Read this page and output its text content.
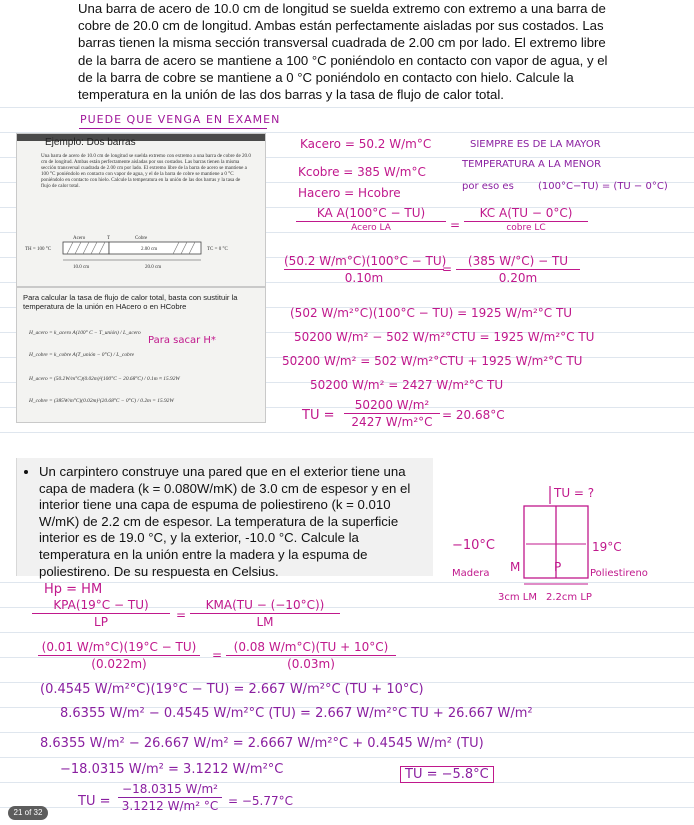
Una barra de acero de 10.0 cm de longitud se suelda extremo con extremo a una barra de cobre de 20.0 cm de longitud. Ambas están perfectamente aisladas por sus costados. Las barras tienen la misma sección transversal cuadrada de 2.00 cm por lado. El extremo libre de la barra de acero se mantiene a 100 °C poniéndolo en contacto con vapor de agua, y el de la barra de cobre se mantiene a 0 °C poniéndolo en contacto con hielo. Calcule la temperatura en la unión de las dos barras y la tasa de flujo de calor total.
PUEDE QUE VENGA EN EXAMEN
Ejemplo: Dos barras
Una barra de acero de 10.0 cm de longitud se suelda extremo con extremo a una barra de cobre de 20.0 cm de longitud. Ambas están perfectamente aisladas por sus costados. Las barras tienen la misma sección transversal cuadrada de 2.00 cm por lado. El extremo libre de la barra de acero se mantiene a 100 °C poniéndolo en contacto con vapor de agua, y el de la barra de cobre se mantiene a 0 °C poniéndolo en contacto con hielo. Calcule la temperatura en la unión de las dos barras y la tasa de flujo de calor total.
TH = 100 °C	TC = 0 °C
Acero	T	Cobre
2.00 cm
10.0 cm	20.0 cm
Para calcular la tasa de flujo de calor total, basta con sustituir la temperatura de la unión en HAcero o en HCobre
H_acero = k_acero A(100° C − T_unión) / L_acero
H_cobre = k_cobre A(T_unión − 0°C) / L_cobre
H_acero = (50.2W/m°C)(0.02m)²(100°C − 20.68°C) / 0.1m ≈ 15.92W
H_cobre = (385W/m°C)(0.02m)²(20.68°C − 0°C) / 0.2m = 15.92W
Para sacar H*
Kacero = 50.2 W/m°C
Kcobre = 385 W/m°C
Hacero = Hcobre
SIEMPRE ES DE LA MAYOR
TEMPERATURA A LA MENOR
por eso es (100°C−TU) = (TU − 0°C)
KA A(100°C − TU)
Acero LA	=
KC A(TU − 0°C)
cobre LC
(50.2 W/m°C)(100°C − TU)
0.10m
=
(385 W/°C) − TU
0.20m
(502 W/m²°C)(100°C − TU) = 1925 W/m²°C TU
50200 W/m² − 502 W/m²°CTU = 1925 W/m²°C TU
50200 W/m² = 502 W/m²°CTU + 1925 W/m²°C TU
50200 W/m² = 2427 W/m²°C TU
TU =
50200 W/m²
2427 W/m²°C = 20.68°C
• Un carpintero construye una pared que en el exterior tiene una capa de madera (k = 0.080W/mK) de 3.0 cm de espesor y en el interior tiene una capa de espuma de poliestireno (k = 0.010 W/mK) de 2.2 cm de espesor. La temperatura de la superficie interior es de 19.0 °C, y la exterior, -10.0 °C. Calcule la temperatura en la unión entre la madera y la espuma de poliestireno. De su respuesta en Celsius.
TU = ?
−10°C	19°C
M	P
Madera	Poliestireno
3cm LM 2.2cm LP
Hp = HM
KPA(19°C − TU)
LP	=
KMA(TU − (−10°C))
LM
(0.01 W/m°C)(19°C − TU)
(0.022m)
=
(0.08 W/m°C)(TU + 10°C)
(0.03m)
(0.4545 W/m²°C)(19°C − TU) = 2.667 W/m²°C (TU + 10°C)
8.6355 W/m² − 0.4545 W/m²°C (TU) = 2.667 W/m²°C TU + 26.667 W/m²
8.6355 W/m² − 26.667 W/m² = 2.6667 W/m²°C + 0.4545 W/m² (TU)
−18.0315 W/m² = 3.1212 W/m²°C	TU = −5.8°C
TU =
−18.0315 W/m²
3.1212 W/m² °C = −5.77°C
21 of 32
